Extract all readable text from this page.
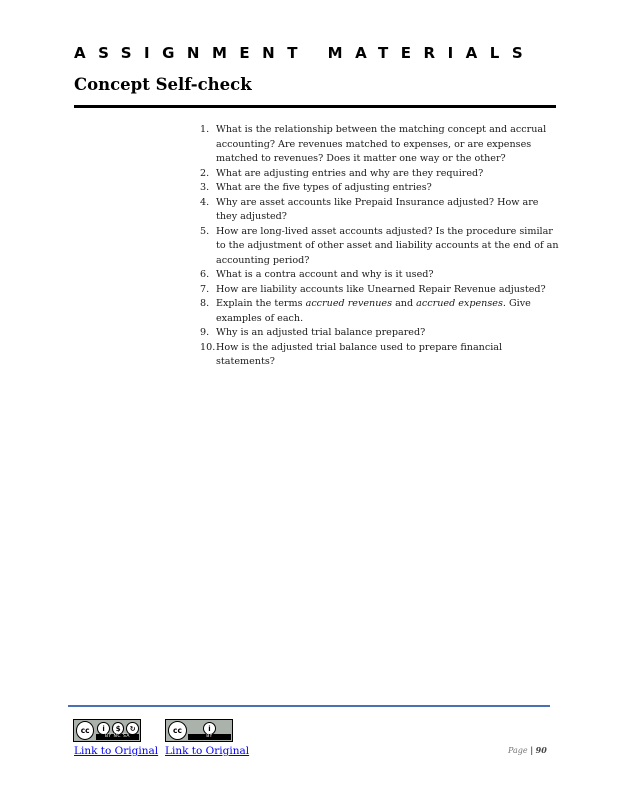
ASSIGNMENT MATERIALS
Concept Self-check
1. What is the relationship between the matching concept and accrual accounting? Are revenues matched to expenses, or are expenses matched to revenues? Does it matter one way or the other?
2. What are adjusting entries and why are they required?
3. What are the five types of adjusting entries?
4. Why are asset accounts like Prepaid Insurance adjusted? How are they adjusted?
5. How are long-lived asset accounts adjusted? Is the procedure similar to the adjustment of other asset and liability accounts at the end of an accounting period?
6. What is a contra account and why is it used?
7. How are liability accounts like Unearned Repair Revenue adjusted?
8. Explain the terms accrued revenues and accrued expenses. Give examples of each.
9. Why is an adjusted trial balance prepared?
10. How is the adjusted trial balance used to prepare financial statements?
cc	i	$	↻
BY NC SA
cc	i
BY
Link to Original Link to Original	Page | 90
